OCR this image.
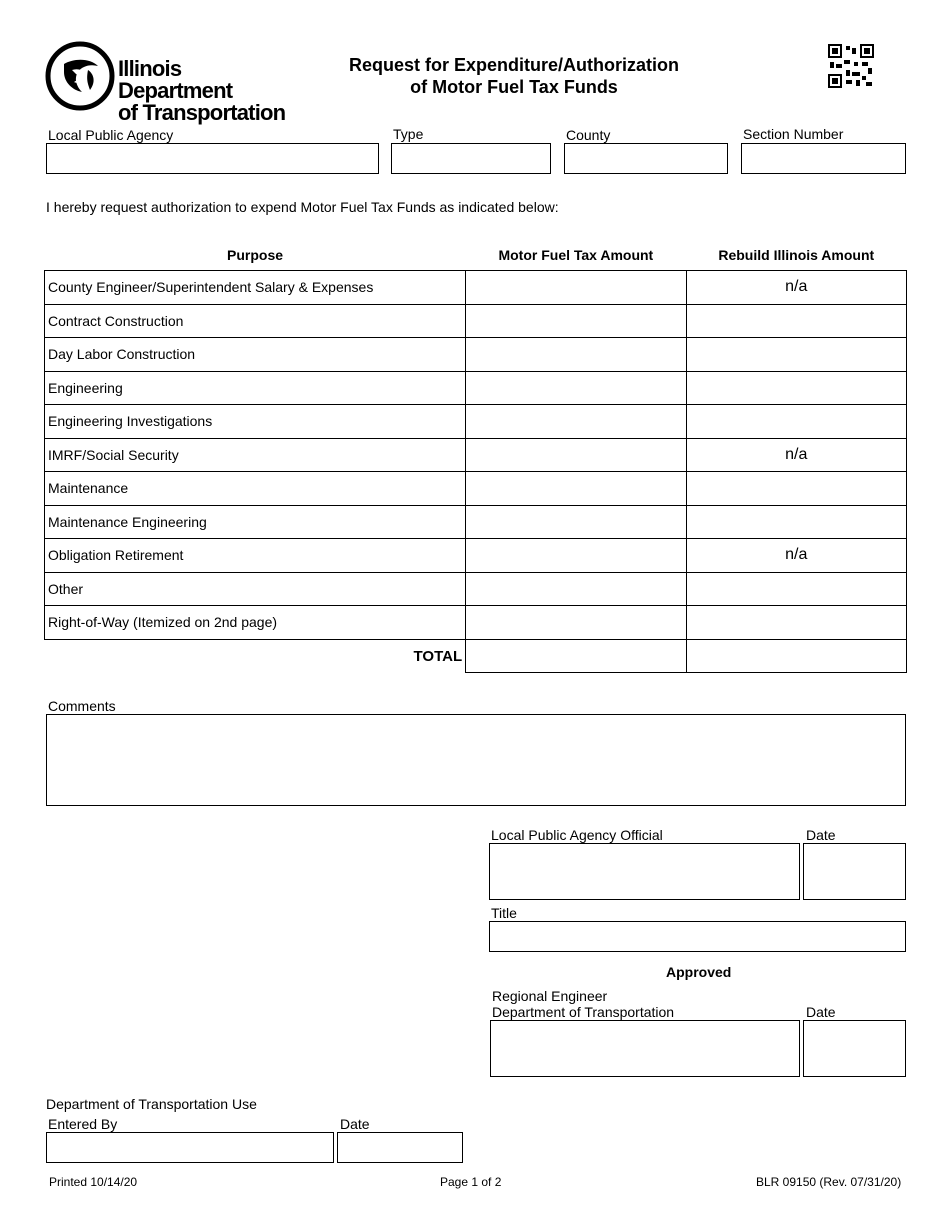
Illinois Department
of Transportation
Request for Expenditure/Authorization
of Motor Fuel Tax Funds
Local Public Agency	Type	County	Section Number
I hereby request authorization to expend Motor Fuel Tax Funds as indicated below:
Purpose	Motor Fuel Tax Amount	Rebuild Illinois Amount
County Engineer/Superintendent Salary & Expenses		n/a
Contract Construction		
Day Labor Construction		
Engineering		
Engineering Investigations		
IMRF/Social Security		n/a
Maintenance		
Maintenance Engineering		
Obligation Retirement		n/a
Other		
Right-of-Way (Itemized on 2nd page)		
TOTAL		
Comments
Local Public Agency Official	Date
Title
Approved
Regional Engineer
Department of Transportation	Date
Department of Transportation Use
Entered By	Date
Printed 10/14/20	Page 1 of 2	BLR 09150 (Rev. 07/31/20)
